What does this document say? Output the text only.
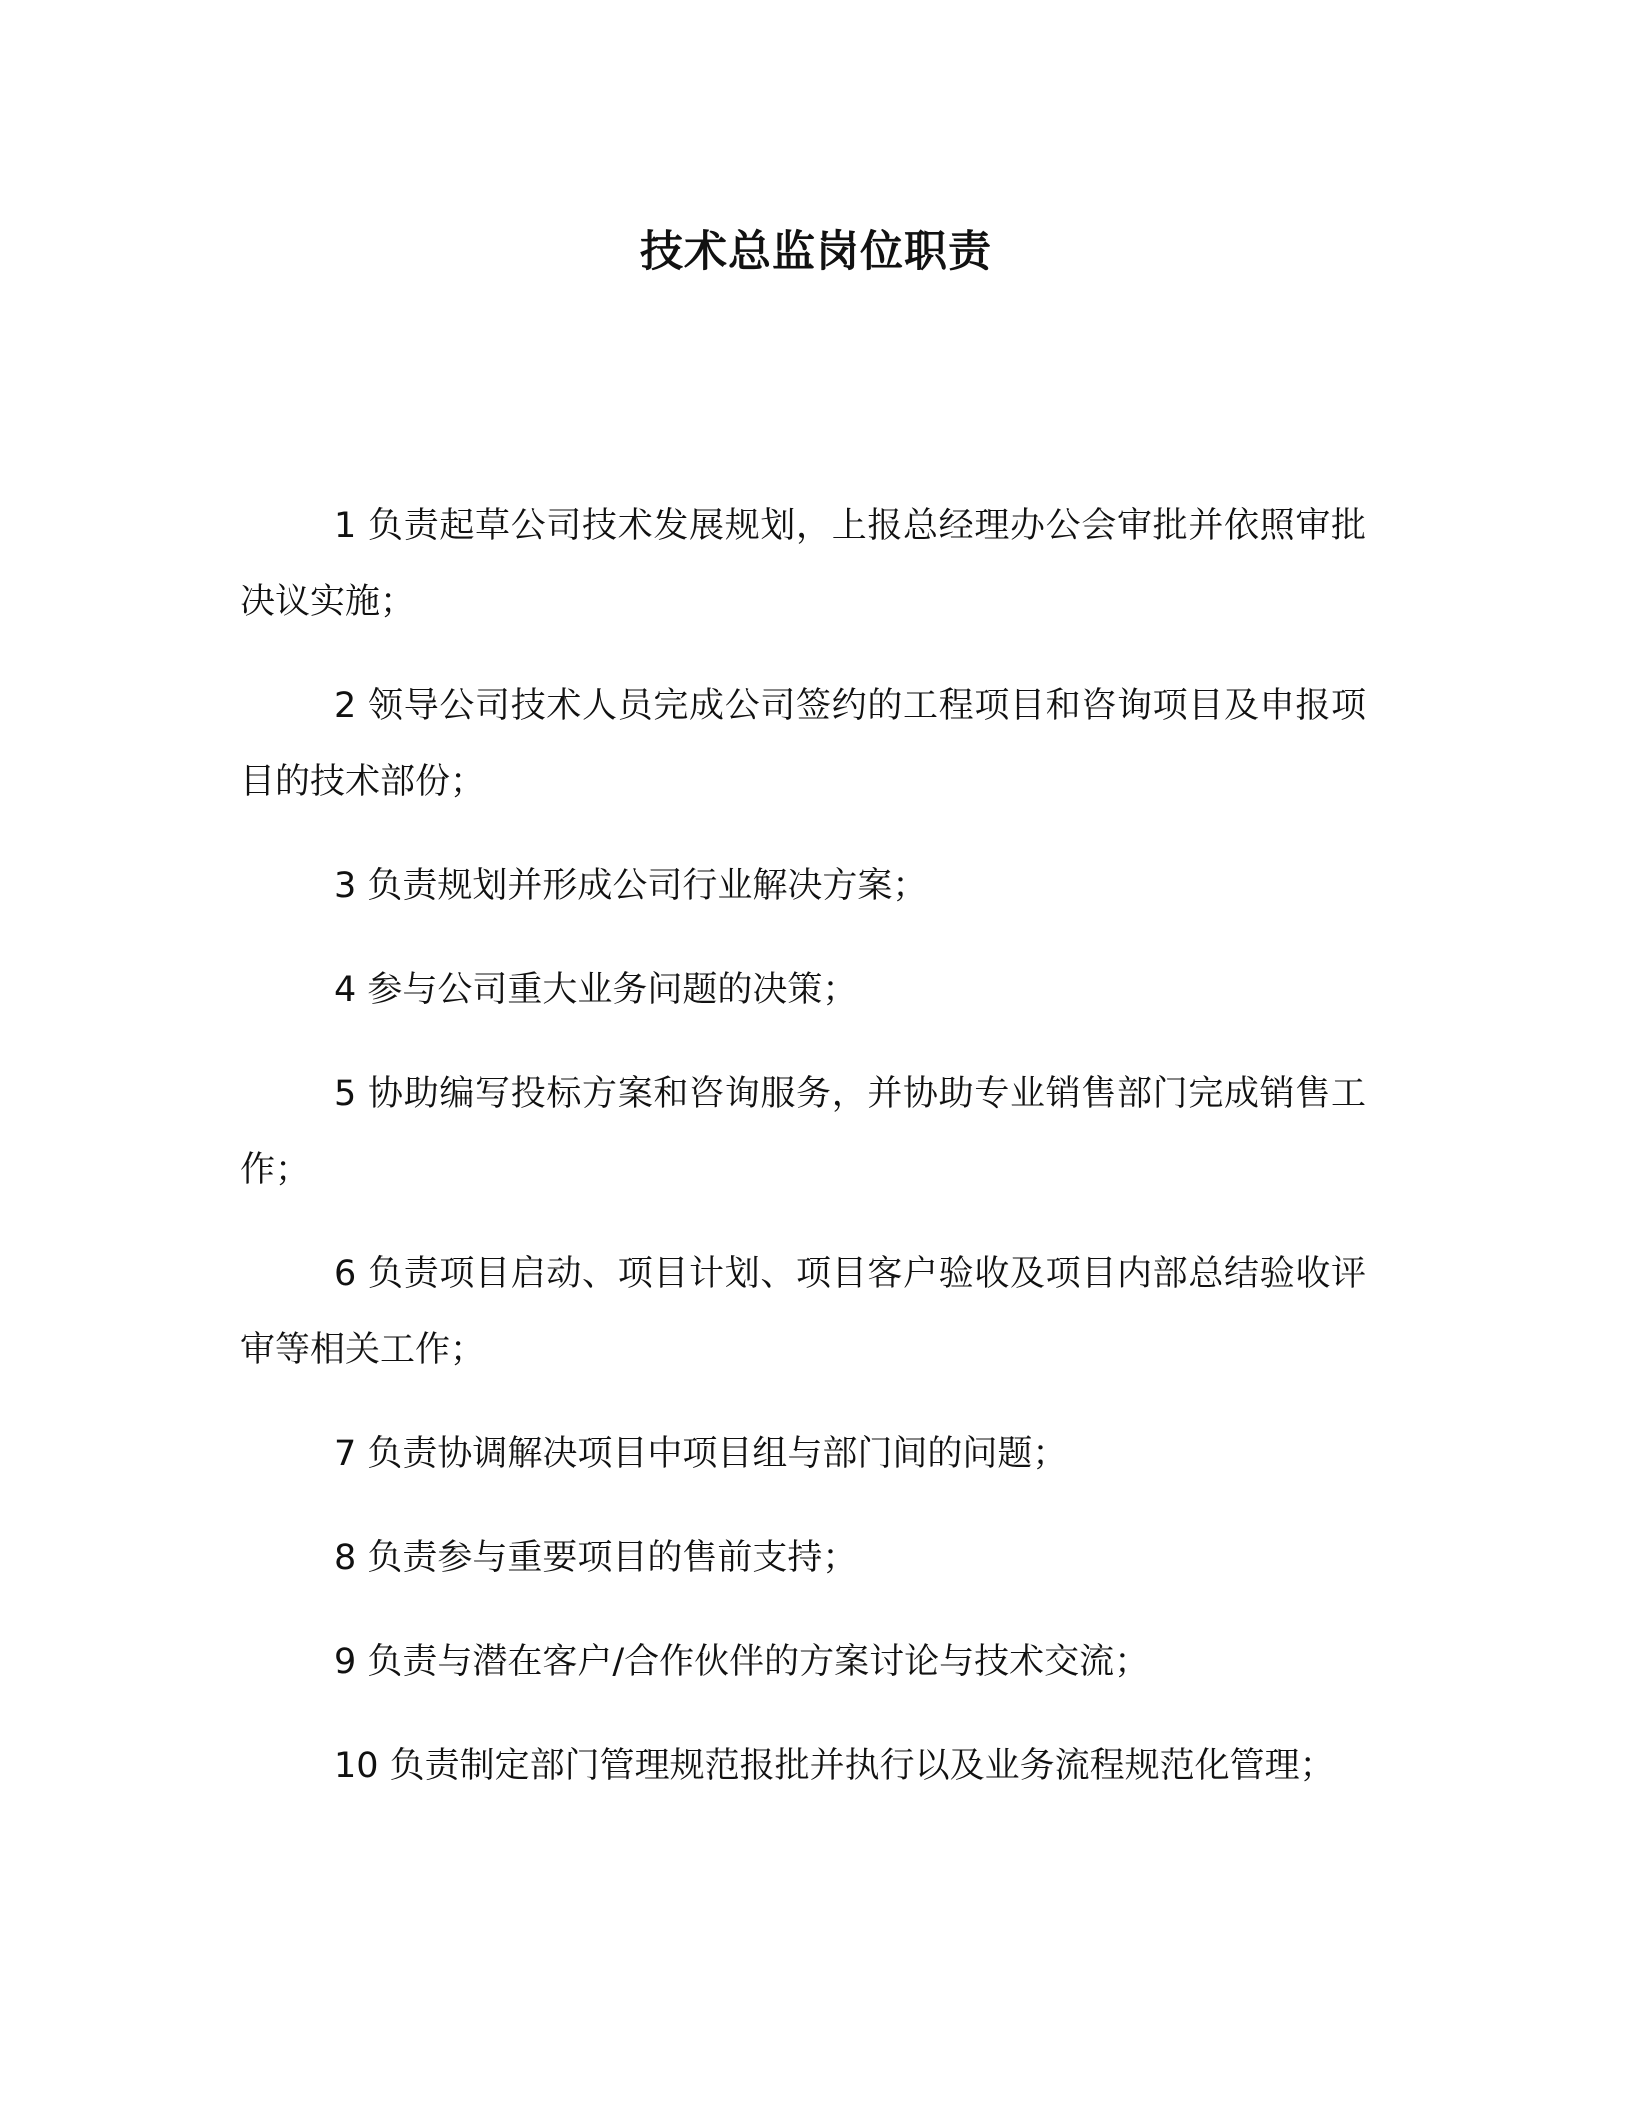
技术总监岗位职责
1 负责起草公司技术发展规划，上报总经理办公会审批并依照审批决议实施；
2 领导公司技术人员完成公司签约的工程项目和咨询项目及申报项目的技术部份；
3 负责规划并形成公司行业解决方案；
4 参与公司重大业务问题的决策；
5 协助编写投标方案和咨询服务，并协助专业销售部门完成销售工作；
6 负责项目启动、项目计划、项目客户验收及项目内部总结验收评审等相关工作；
7 负责协调解决项目中项目组与部门间的问题；
8 负责参与重要项目的售前支持；
9 负责与潜在客户/合作伙伴的方案讨论与技术交流；
10 负责制定部门管理规范报批并执行以及业务流程规范化管理；
